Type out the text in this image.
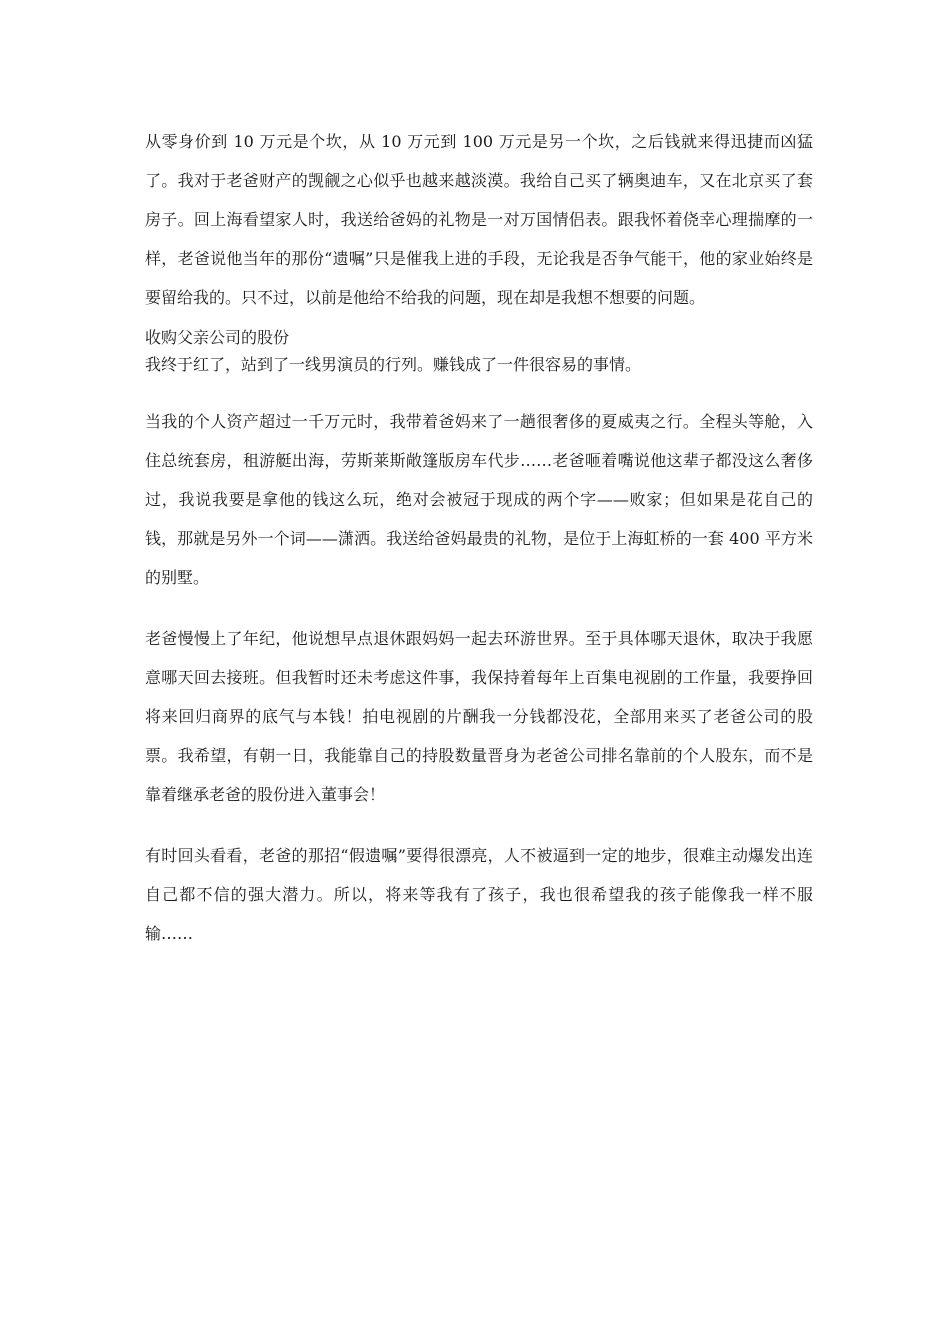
从零身价到 10 万元是个坎，从 10 万元到 100 万元是另一个坎，之后钱就来得迅捷而凶猛了。我对于老爸财产的觊觎之心似乎也越来越淡漠。我给自己买了辆奥迪车，又在北京买了套房子。回上海看望家人时，我送给爸妈的礼物是一对万国情侣表。跟我怀着侥幸心理揣摩的一样，老爸说他当年的那份“遗嘱”只是催我上进的手段，无论我是否争气能干，他的家业始终是要留给我的。只不过，以前是他给不给我的问题，现在却是我想不想要的问题。

收购父亲公司的股份

我终于红了，站到了一线男演员的行列。赚钱成了一件很容易的事情。

当我的个人资产超过一千万元时，我带着爸妈来了一趟很奢侈的夏威夷之行。全程头等舱，入住总统套房，租游艇出海，劳斯莱斯敞篷版房车代步……老爸咂着嘴说他这辈子都没这么奢侈过，我说我要是拿他的钱这么玩，绝对会被冠于现成的两个字——败家；但如果是花自己的钱，那就是另外一个词——潇洒。我送给爸妈最贵的礼物，是位于上海虹桥的一套 400 平方米的别墅。

老爸慢慢上了年纪，他说想早点退休跟妈妈一起去环游世界。至于具体哪天退休，取决于我愿意哪天回去接班。但我暂时还未考虑这件事，我保持着每年上百集电视剧的工作量，我要挣回将来回归商界的底气与本钱！拍电视剧的片酬我一分钱都没花，全部用来买了老爸公司的股票。我希望，有朝一日，我能靠自己的持股数量晋身为老爸公司排名靠前的个人股东，而不是靠着继承老爸的股份进入董事会！

有时回头看看，老爸的那招“假遗嘱”要得很漂亮，人不被逼到一定的地步，很难主动爆发出连自己都不信的强大潜力。所以，将来等我有了孩子，我也很希望我的孩子能像我一样不服输……
